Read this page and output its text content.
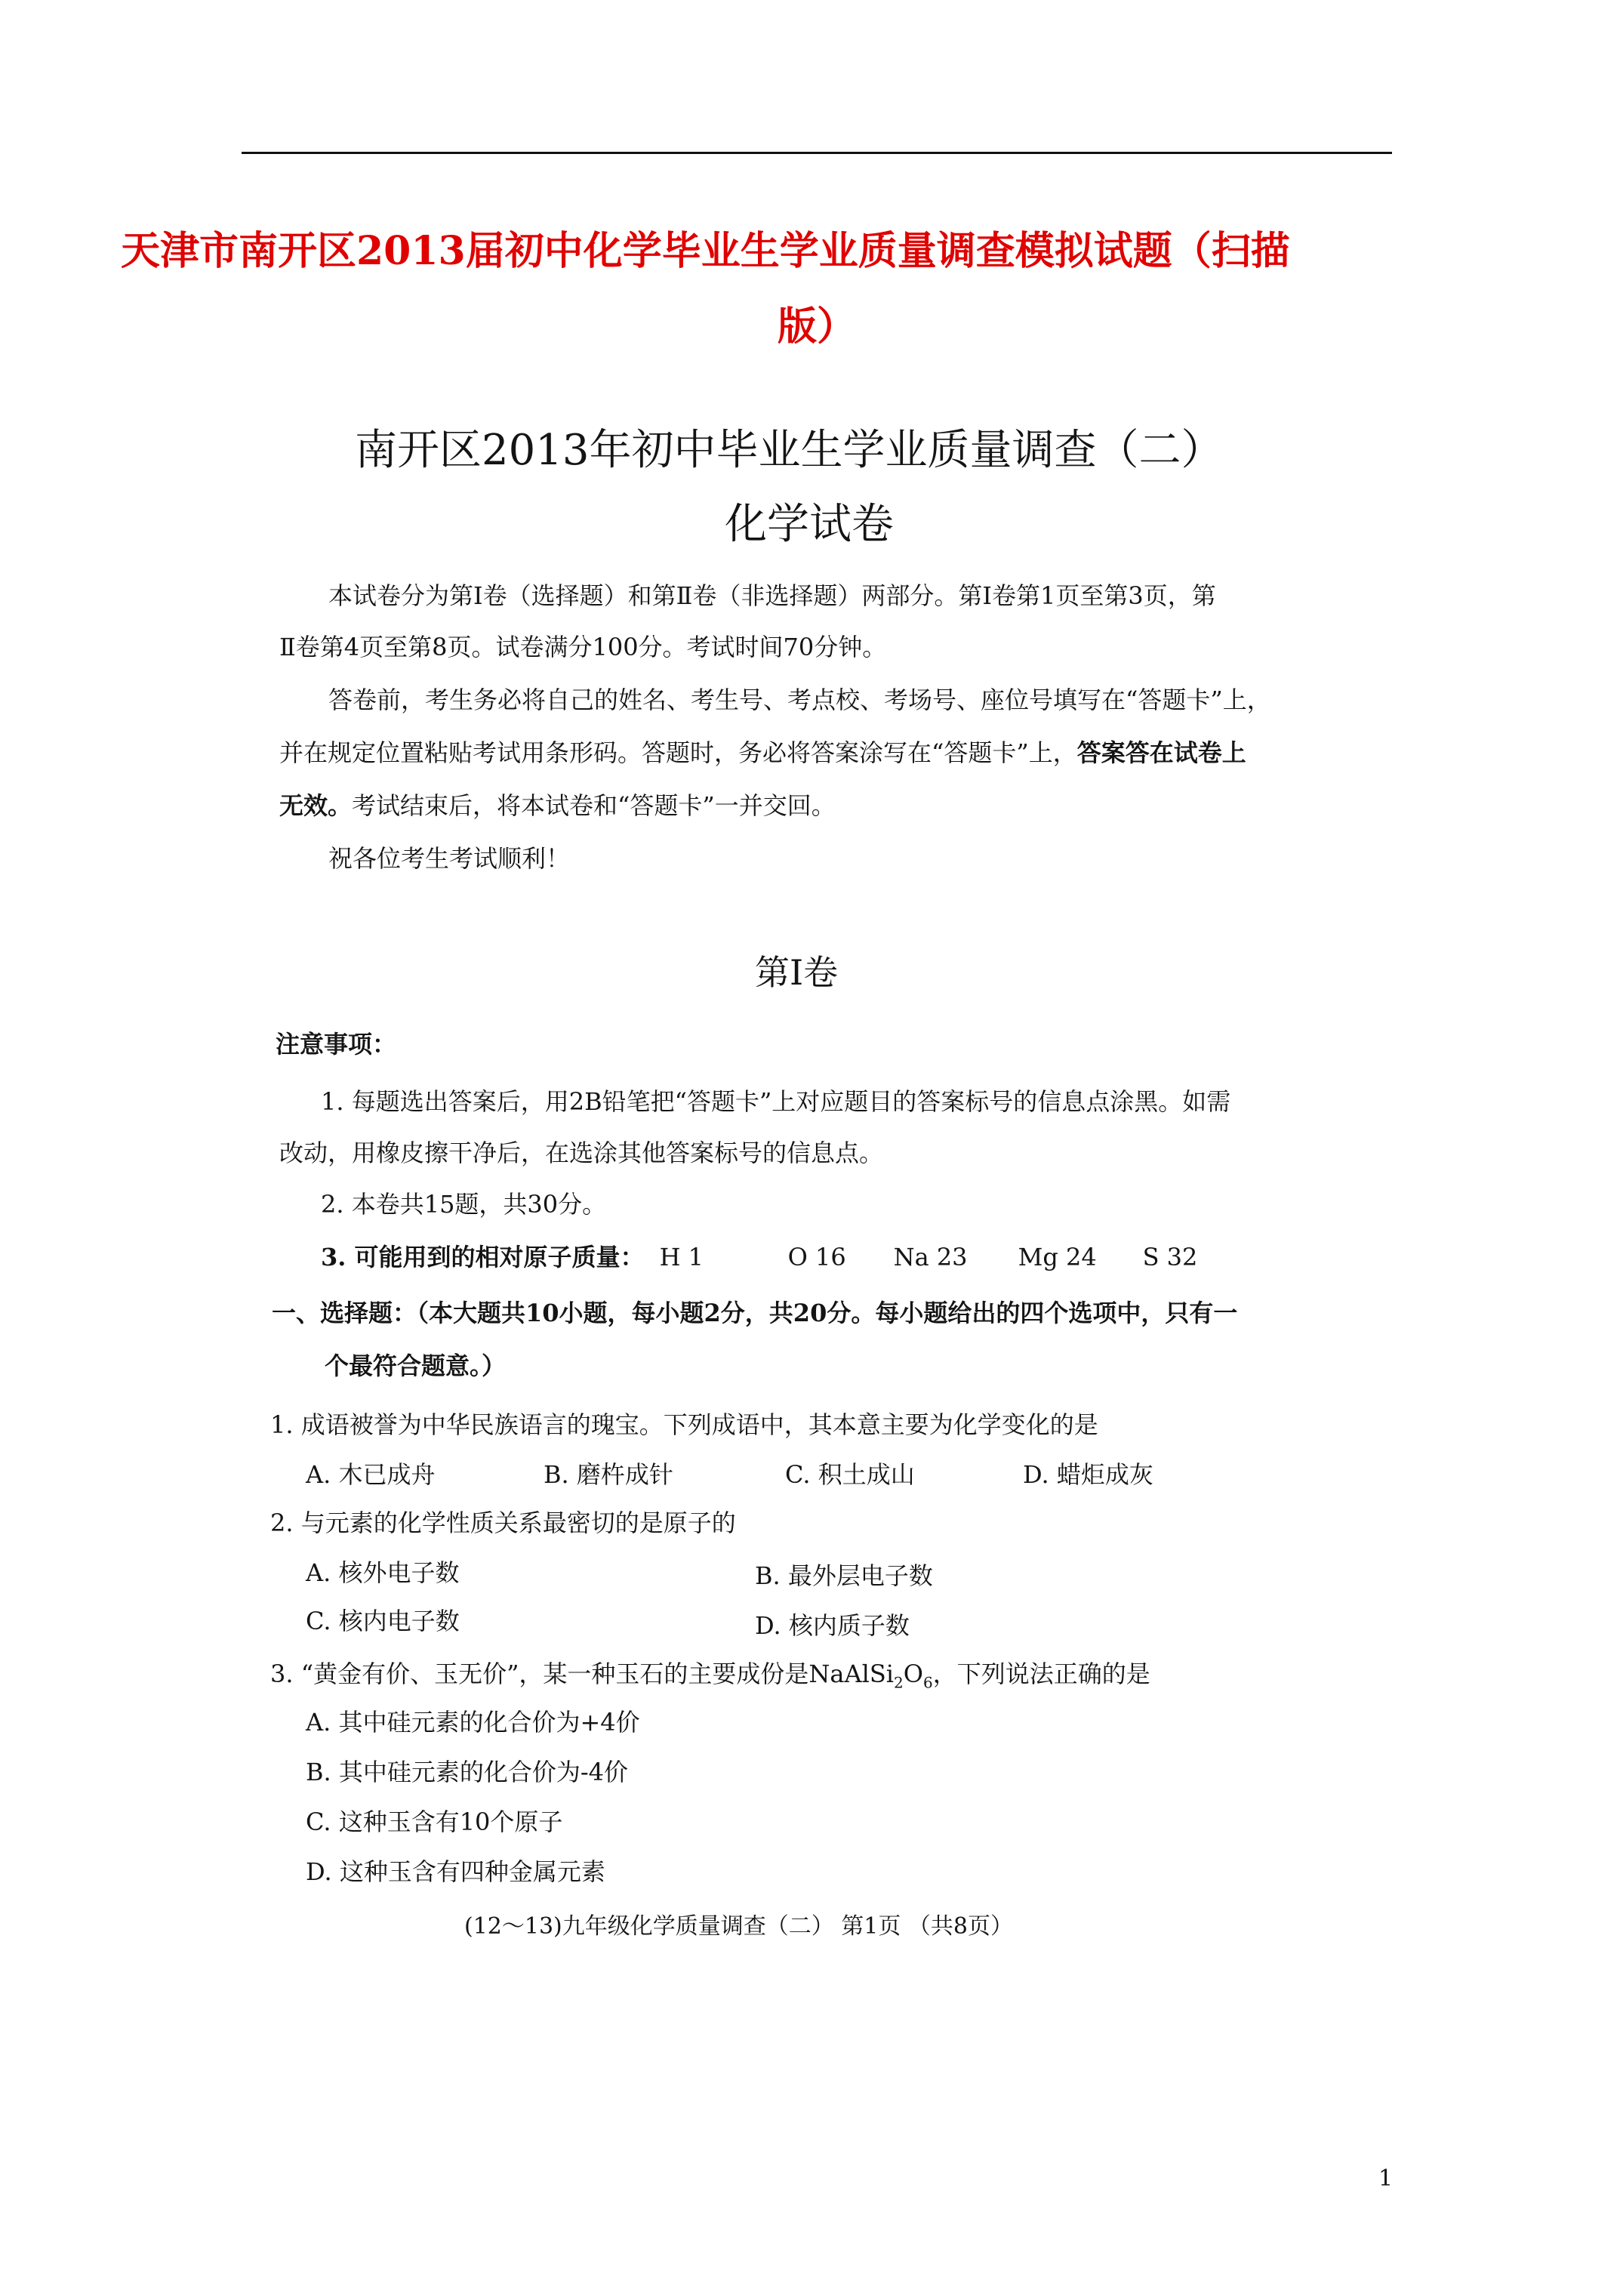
天津市南开区2013届初中化学毕业生学业质量调查模拟试题（扫描
版）
南开区2013年初中毕业生学业质量调查（二）
化学试卷
本试卷分为第Ⅰ卷（选择题）和第Ⅱ卷（非选择题）两部分。第Ⅰ卷第1页至第3页，第
Ⅱ卷第4页至第8页。试卷满分100分。考试时间70分钟。
答卷前，考生务必将自己的姓名、考生号、考点校、考场号、座位号填写在“答题卡”上，
并在规定位置粘贴考试用条形码。答题时，务必将答案涂写在“答题卡”上，答案答在试卷上
无效。考试结束后，将本试卷和“答题卡”一并交回。
祝各位考生考试顺利！
第Ⅰ卷
注意事项：
1. 每题选出答案后，用2B铅笔把“答题卡”上对应题目的答案标号的信息点涂黑。如需
改动，用橡皮擦干净后，在选涂其他答案标号的信息点。
2. 本卷共15题，共30分。
3. 可能用到的相对原子质量： H 1	O 16 Na 23 Mg 24 S 32
一、选择题：（本大题共10小题，每小题2分，共20分。每小题给出的四个选项中，只有一
个最符合题意。）
1. 成语被誉为中华民族语言的瑰宝。下列成语中，其本意主要为化学变化的是
A. 木已成舟	B. 磨杵成针	C. 积土成山	D. 蜡炬成灰
2. 与元素的化学性质关系最密切的是原子的
A. 核外电子数	B. 最外层电子数
C. 核内电子数	D. 核内质子数
3. “黄金有价、玉无价”，某一种玉石的主要成份是$NaAlSi_2O_6$，下列说法正确的是
A. 其中硅元素的化合价为+4价
B. 其中硅元素的化合价为-4价
C. 这种玉含有10个原子
D. 这种玉含有四种金属元素
(12～13)九年级化学质量调查（二） 第1页 （共8页）
1
